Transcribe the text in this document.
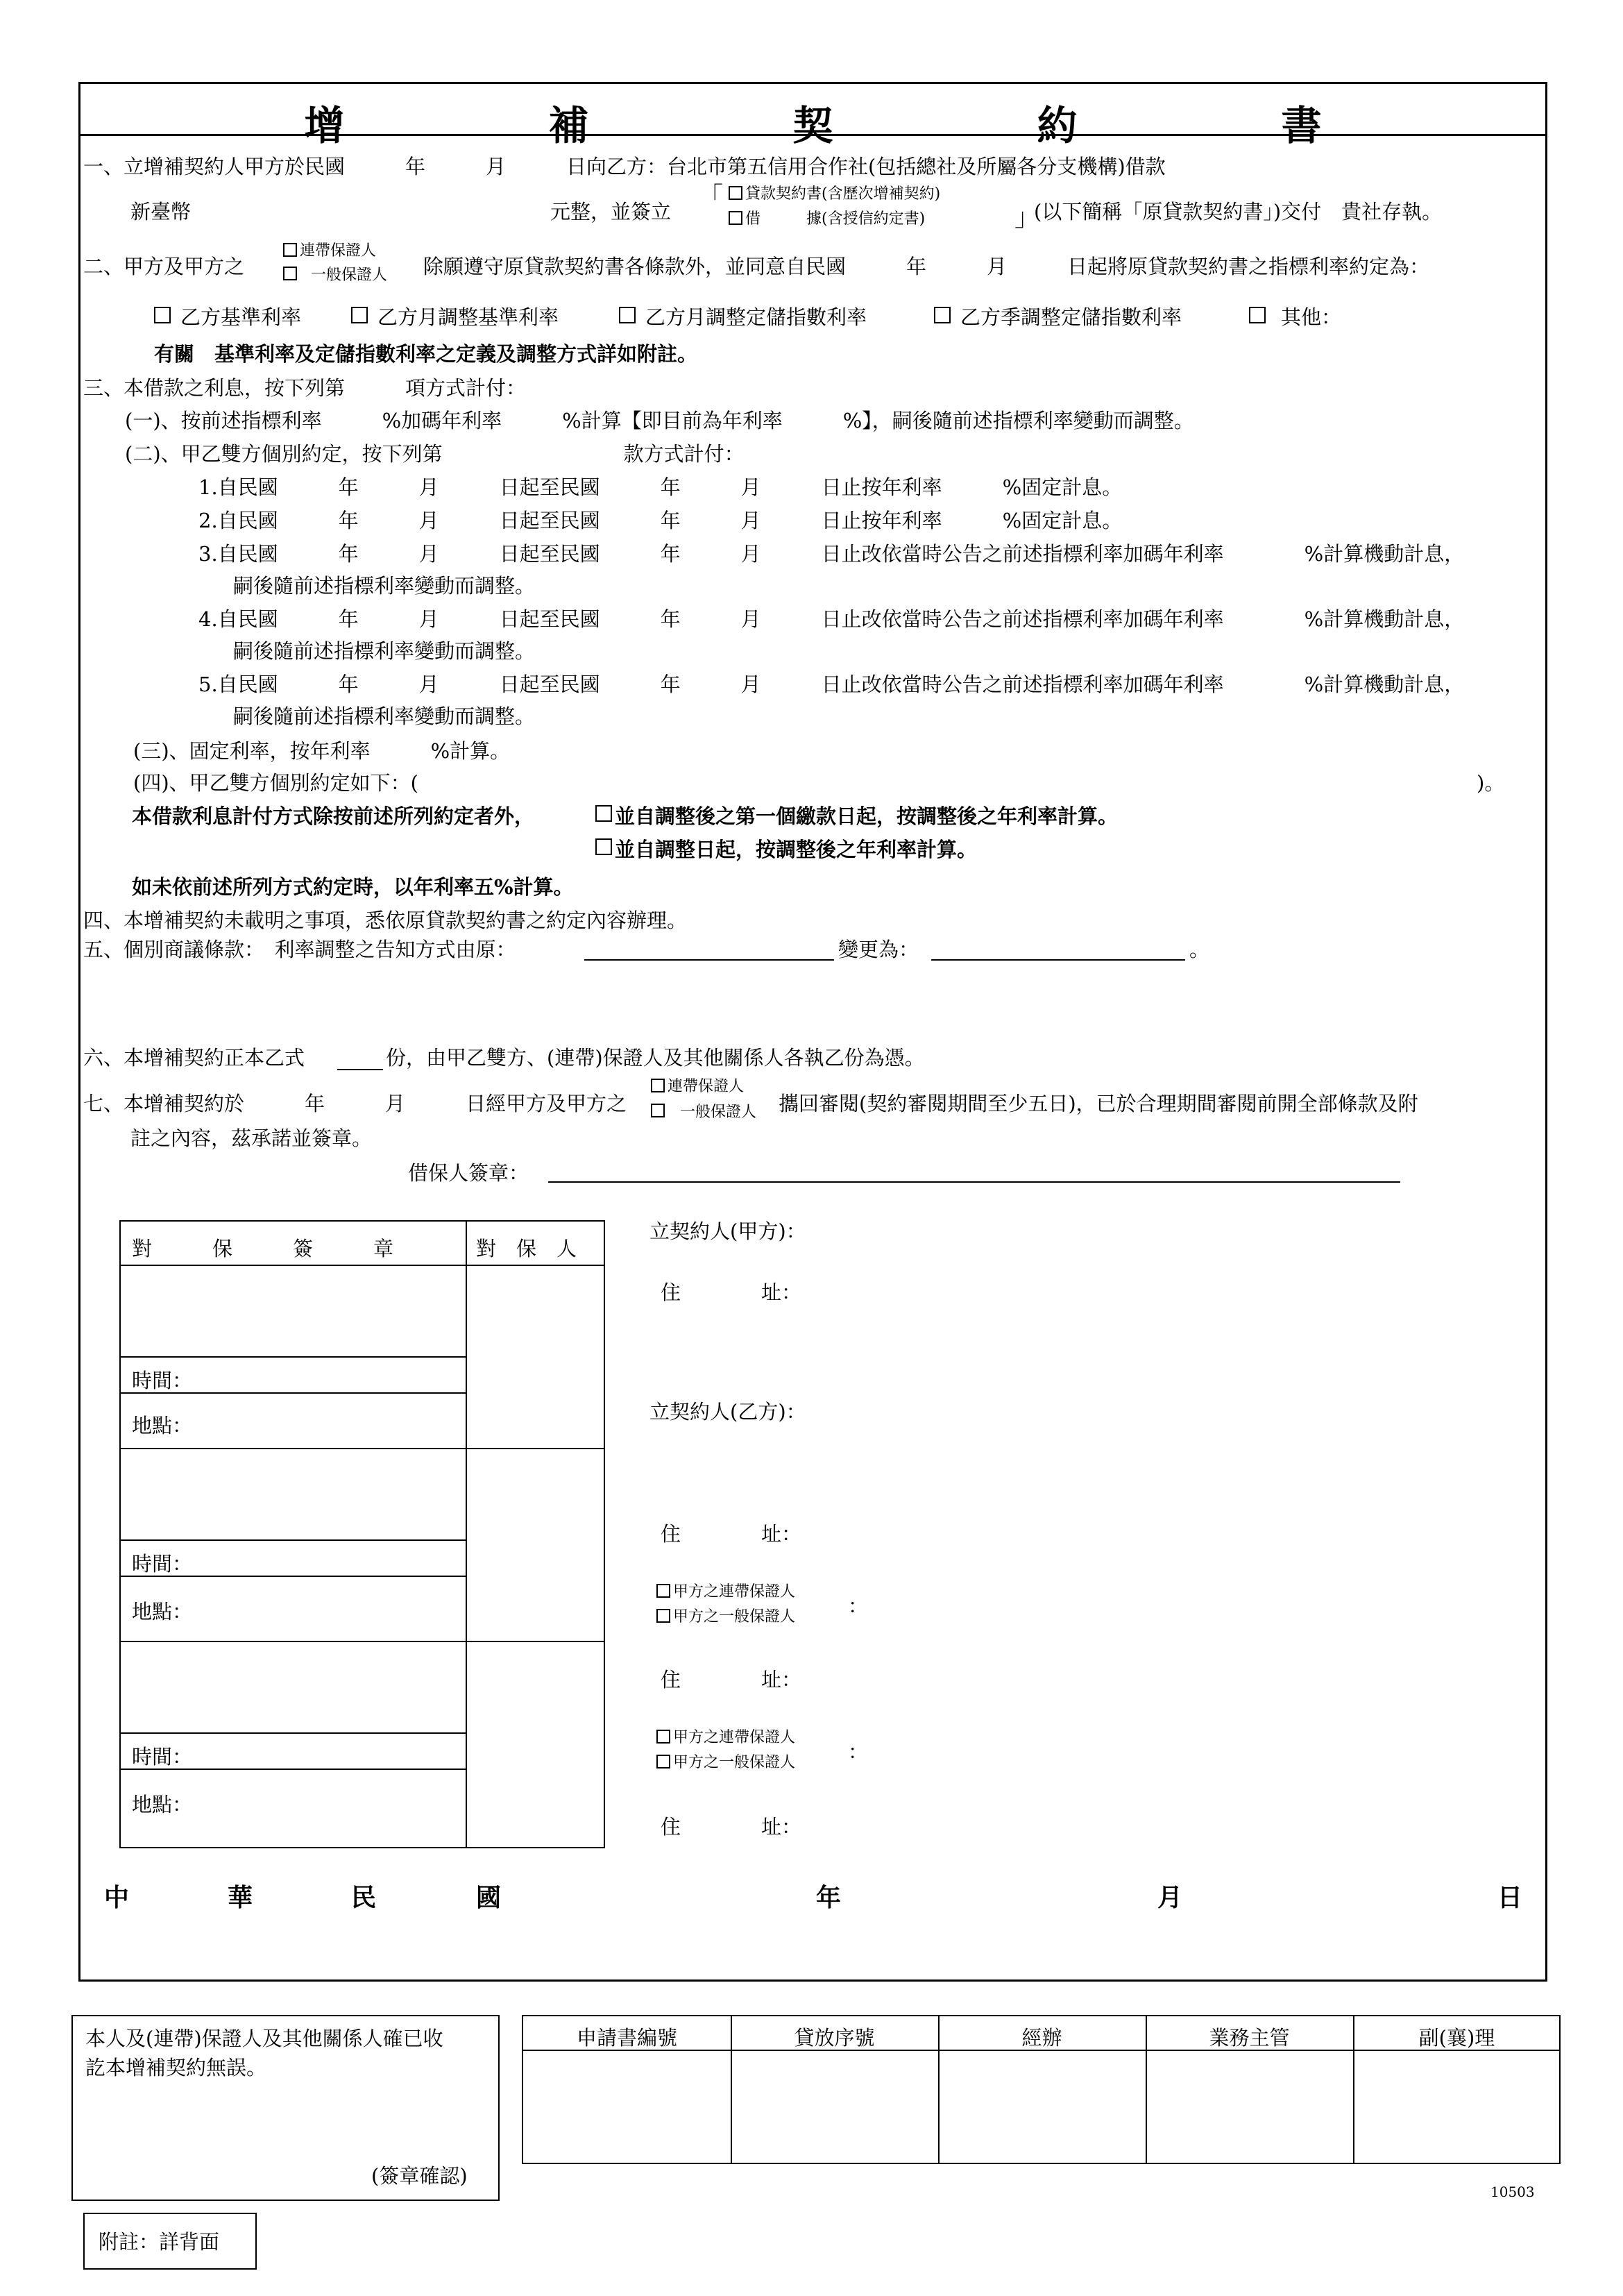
增　補　契　約　書
一、立增補契約人甲方於民國　　　年　　　月　　　日向乙方：台北市第五信用合作社(包括總社及所屬各分支機構)借款
新臺幣	元整，並簽立
「 貸款契約書(含歷次增補契約)
借　　　據(含授信約定書)	」
(以下簡稱「原貸款契約書」)交付　貴社存執。
二、甲方及甲方之
連帶保證人
一般保證人 除願遵守原貸款契約書各條款外，並同意自民國　　　年　　　月　　　日起將原貸款契約書之指標利率約定為：
乙方基準利率	乙方月調整基準利率	乙方月調整定儲指數利率	乙方季調整定儲指數利率	其他：
有關　基準利率及定儲指數利率之定義及調整方式詳如附註。
三、本借款之利息，按下列第　　　項方式計付：
(一)、按前述指標利率　　　%加碼年利率　　　%計算【即目前為年利率　　　%】，嗣後隨前述指標利率變動而調整。
(二)、甲乙雙方個別約定，按下列第　　　　　　　　　款方式計付：
1.自民國　　　年　　　月　　　日起至民國　　　年　　　月　　　日止按年利率　　　%固定計息。
2.自民國　　　年　　　月　　　日起至民國　　　年　　　月　　　日止按年利率　　　%固定計息。
3.自民國　　　年　　　月　　　日起至民國　　　年　　　月　　　日止改依當時公告之前述指標利率加碼年利率　　　　%計算機動計息，
嗣後隨前述指標利率變動而調整。
4.自民國　　　年　　　月　　　日起至民國　　　年　　　月　　　日止改依當時公告之前述指標利率加碼年利率　　　　%計算機動計息，
嗣後隨前述指標利率變動而調整。
5.自民國　　　年　　　月　　　日起至民國　　　年　　　月　　　日止改依當時公告之前述指標利率加碼年利率　　　　%計算機動計息，
嗣後隨前述指標利率變動而調整。
(三)、固定利率，按年利率　　　%計算。
(四)、甲乙雙方個別約定如下：(	)。
本借款利息計付方式除按前述所列約定者外，	並自調整後之第一個繳款日起，按調整後之年利率計算。
並自調整日起，按調整後之年利率計算。
如未依前述所列方式約定時，以年利率五%計算。
四、本增補契約未載明之事項，悉依原貸款契約書之約定內容辦理。
五、個別商議條款：　利率調整之告知方式由原：	變更為：	。
六、本增補契約正本乙式	份，由甲乙雙方、(連帶)保證人及其他關係人各執乙份為憑。
七、本增補契約於　　　年　　　月　　　日經甲方及甲方之
連帶保證人
一般保證人 攜回審閱(契約審閱期間至少五日)，已於合理期間審閱前開全部條款及附
註之內容，茲承諾並簽章。
借保人簽章：
對　　　保　　　簽　　　章	對　保　人
時間：
地點：
時間：
地點：
時間：
地點：
立契約人(甲方)：
住　　　　址：
立契約人(乙方)：
住　　　　址：
甲方之連帶保證人
甲方之一般保證人	：
住　　　　址：
甲方之連帶保證人
甲方之一般保證人	：
住　　　　址：
中	華	民	國	年	月	日
本人及(連帶)保證人及其他關係人確已收
訖本增補契約無誤。
(簽章確認)
申請書編號	貸放序號	經辦	業務主管	副(襄)理
10503
附註：詳背面
